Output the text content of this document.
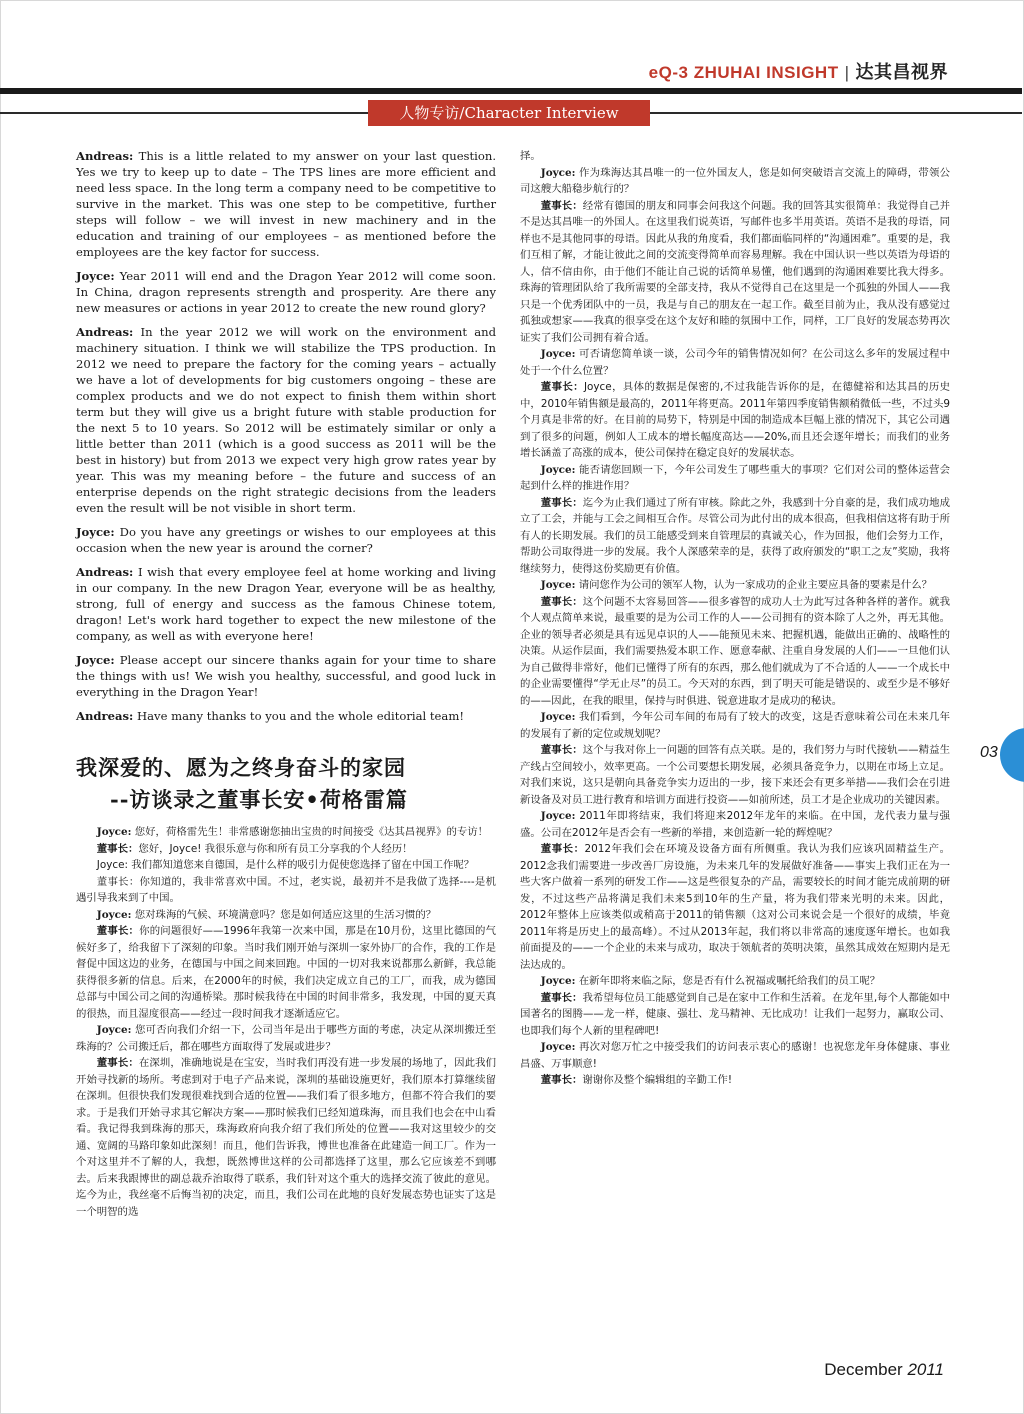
eQ-3 ZHUHAI INSIGHT | 达其昌视界
人物专访/Character Interview

Andreas: This is a little related to my answer on your last question. Yes we try to keep up to date – The TPS lines are more efficient and need less space. In the long term a company need to be competitive to survive in the market. This was one step to be competitive, further steps will follow – we will invest in new machinery and in the education and training of our employees – as mentioned before the employees are the key factor for success.

Joyce: Year 2011 will end and the Dragon Year 2012 will come soon. In China, dragon represents strength and prosperity. Are there any new measures or actions in year 2012 to create the new round glory?

Andreas: In the year 2012 we will work on the environment and machinery situation. I think we will stabilize the TPS production. In 2012 we need to prepare the factory for the coming years – actually we have a lot of developments for big customers ongoing – these are complex products and we do not expect to finish them within short term but they will give us a bright future with stable production for the next 5 to 10 years. So 2012 will be estimately similar or only a little better than 2011 (which is a good success as 2011 will be the best in history) but from 2013 we expect very high grow rates year by year. This was my meaning before – the future and success of an enterprise depends on the right strategic decisions from the leaders even the result will be not visible in short term.

Joyce: Do you have any greetings or wishes to our employees at this occasion when the new year is around the corner?

Andreas: I wish that every employee feel at home working and living in our company. In the new Dragon Year, everyone will be as healthy, strong, full of energy and success as the famous Chinese totem, dragon! Let's work hard together to expect the new milestone of the company, as well as with everyone here!

Joyce: Please accept our sincere thanks again for your time to share the things with us! We wish you healthy, successful, and good luck in everything in the Dragon Year!

Andreas: Have many thanks to you and the whole editorial team!

我深爱的、愿为之终身奋斗的家园
--访谈录之董事长安•荷格雷篇

Joyce: 您好，荷格雷先生！非常感谢您抽出宝贵的时间接受《达其昌视界》的专访！

董事长：您好，Joyce! 我很乐意与你和所有员工分享我的个人经历！

Joyce: 我们都知道您来自德国，是什么样的吸引力促使您选择了留在中国工作呢？

董事长：你知道的，我非常喜欢中国。不过，老实说，最初并不是我做了选择----是机遇引导我来到了中国。

Joyce: 您对珠海的气候、环境满意吗？您是如何适应这里的生活习惯的？

董事长：你的问题很好——1996年我第一次来中国，那是在10月份，这里比德国的气候好多了，给我留下了深刻的印象。当时我们刚开始与深圳一家外协厂的合作，我的工作是督促中国这边的业务，在德国与中国之间来回跑。中国的一切对我来说都那么新鲜，我总能获得很多新的信息。后来，在2000年的时候，我们决定成立自己的工厂，而我，成为德国总部与中国公司之间的沟通桥梁。那时候我待在中国的时间非常多，我发现，中国的夏天真的很热，而且湿度很高——经过一段时间我才逐渐适应它。

Joyce: 您可否向我们介绍一下，公司当年是出于哪些方面的考虑，决定从深圳搬迁至珠海的？公司搬迁后，都在哪些方面取得了发展或进步？

董事长：在深圳，准确地说是在宝安，当时我们再没有进一步发展的场地了，因此我们开始寻找新的场所。考虑到对于电子产品来说，深圳的基础设施更好，我们原本打算继续留在深圳。但很快我们发现很难找到合适的位置——我们看了很多地方，但都不符合我们的要求。于是我们开始寻求其它解决方案——那时候我们已经知道珠海，而且我们也会在中山看看。我记得我到珠海的那天，珠海政府向我介绍了我们所处的位置——我对这里较少的交通、宽阔的马路印象如此深刻！而且，他们告诉我，博世也准备在此建造一间工厂。作为一个对这里并不了解的人，我想，既然博世这样的公司都选择了这里，那么它应该差不到哪去。后来我跟博世的副总裁乔治取得了联系，我们针对这个重大的选择交流了彼此的意见。迄今为止，我丝毫不后悔当初的决定，而且，我们公司在此地的良好发展态势也证实了这是一个明智的选

择。

Joyce: 作为珠海达其昌唯一的一位外国友人，您是如何突破语言交流上的障碍，带领公司这艘大船稳步航行的？

董事长：经常有德国的朋友和同事会问我这个问题。我的回答其实很简单：我觉得自己并不是达其昌唯一的外国人。在这里我们说英语，写邮件也多半用英语。英语不是我的母语，同样也不是其他同事的母语。因此从我的角度看，我们都面临同样的“沟通困难”。重要的是，我们互相了解，才能让彼此之间的交流变得简单而容易理解。我在中国认识一些以英语为母语的人，信不信由你，由于他们不能让自己说的话简单易懂，他们遇到的沟通困难要比我大得多。珠海的管理团队给了我所需要的全部支持，我从不觉得自己在这里是一个孤独的外国人——我只是一个优秀团队中的一员，我是与自己的朋友在一起工作。截至目前为止，我从没有感觉过孤独或想家——我真的很享受在这个友好和睦的氛围中工作，同样，工厂良好的发展态势再次证实了我们公司拥有着合适。

Joyce: 可否请您简单谈一谈，公司今年的销售情况如何？在公司这么多年的发展过程中处于一个什么位置？

董事长：Joyce，具体的数据是保密的,不过我能告诉你的是，在德健裕和达其昌的历史中，2010年销售额是最高的，2011年将更高。2011年第四季度销售额稍微低一些，不过头9个月真是非常的好。在目前的局势下，特别是中国的制造成本巨幅上涨的情况下，其它公司遇到了很多的问题，例如人工成本的增长幅度高达——20%,而且还会逐年增长；而我们的业务增长涵盖了高涨的成本，使公司保持在稳定良好的发展状态。

Joyce: 能否请您回顾一下，今年公司发生了哪些重大的事项？它们对公司的整体运营会起到什么样的推进作用？

董事长：迄今为止我们通过了所有审核。除此之外，我感到十分自豪的是，我们成功地成立了工会，并能与工会之间相互合作。尽管公司为此付出的成本很高，但我相信这将有助于所有人的长期发展。我们的员工能感受到来自管理层的真诚关心，作为回报，他们会努力工作，帮助公司取得进一步的发展。我个人深感荣幸的是，获得了政府颁发的“职工之友”奖励，我将继续努力，使得这份奖励更有价值。

Joyce: 请问您作为公司的领军人物，认为一家成功的企业主要应具备的要素是什么？

董事长：这个问题不太容易回答——很多睿智的成功人士为此写过各种各样的著作。就我个人观点简单来说，最重要的是为公司工作的人——公司拥有的资本除了人之外，再无其他。企业的领导者必须是具有远见卓识的人——能预见未来、把握机遇，能做出正确的、战略性的决策。从运作层面，我们需要热爱本职工作、愿意奉献、注重自身发展的人们——一旦他们认为自己做得非常好，他们已懂得了所有的东西，那么他们就成为了不合适的人——一个成长中的企业需要懂得“学无止尽”的员工。今天对的东西，到了明天可能是错误的、或至少是不够好的——因此，在我的眼里，保持与时俱进、锐意进取才是成功的秘诀。

Joyce: 我们看到，今年公司车间的布局有了较大的改变，这是否意味着公司在未来几年的发展有了新的定位或规划呢？

董事长：这个与我对你上一问题的回答有点关联。是的，我们努力与时代接轨——精益生产线占空间较小，效率更高。一个公司要想长期发展，必须具备竞争力，以期在市场上立足。对我们来说，这只是朝向具备竞争实力迈出的一步，接下来还会有更多举措——我们会在引进新设备及对员工进行教育和培训方面进行投资——如前所述，员工才是企业成功的关键因素。

Joyce: 2011年即将结束，我们将迎来2012年龙年的来临。在中国，龙代表力量与强盛。公司在2012年是否会有一些新的举措，来创造新一轮的辉煌呢？

董事长：2012年我们会在环境及设备方面有所侧重。我认为我们应该巩固精益生产。2012念我们需要进一步改善厂房设施，为未来几年的发展做好准备——事实上我们正在为一些大客户做着一系列的研发工作——这是些很复杂的产品，需要较长的时间才能完成前期的研发，不过这些产品将满足我们未来5到10年的生产量，将为我们带来光明的未来。因此，2012年整体上应该类似或稍高于2011的销售额（这对公司来说会是一个很好的成绩，毕竟2011年将是历史上的最高峰）。不过从2013年起，我们将以非常高的速度逐年增长。也如我前面提及的——一个企业的未来与成功，取决于领航者的英明决策，虽然其成效在短期内是无法达成的。

Joyce: 在新年即将来临之际，您是否有什么祝福或嘱托给我们的员工呢？

董事长：我希望每位员工能感觉到自己是在家中工作和生活着。在龙年里,每个人都能如中国著名的图腾——龙一样，健康、强壮、龙马精神、无比成功！让我们一起努力，赢取公司、也即我们每个人新的里程碑吧!

Joyce: 再次对您万忙之中接受我们的访问表示衷心的感谢！也祝您龙年身体健康、事业昌盛、万事顺意!

董事长：谢谢你及整个编辑组的辛勤工作!

03
December 2011
